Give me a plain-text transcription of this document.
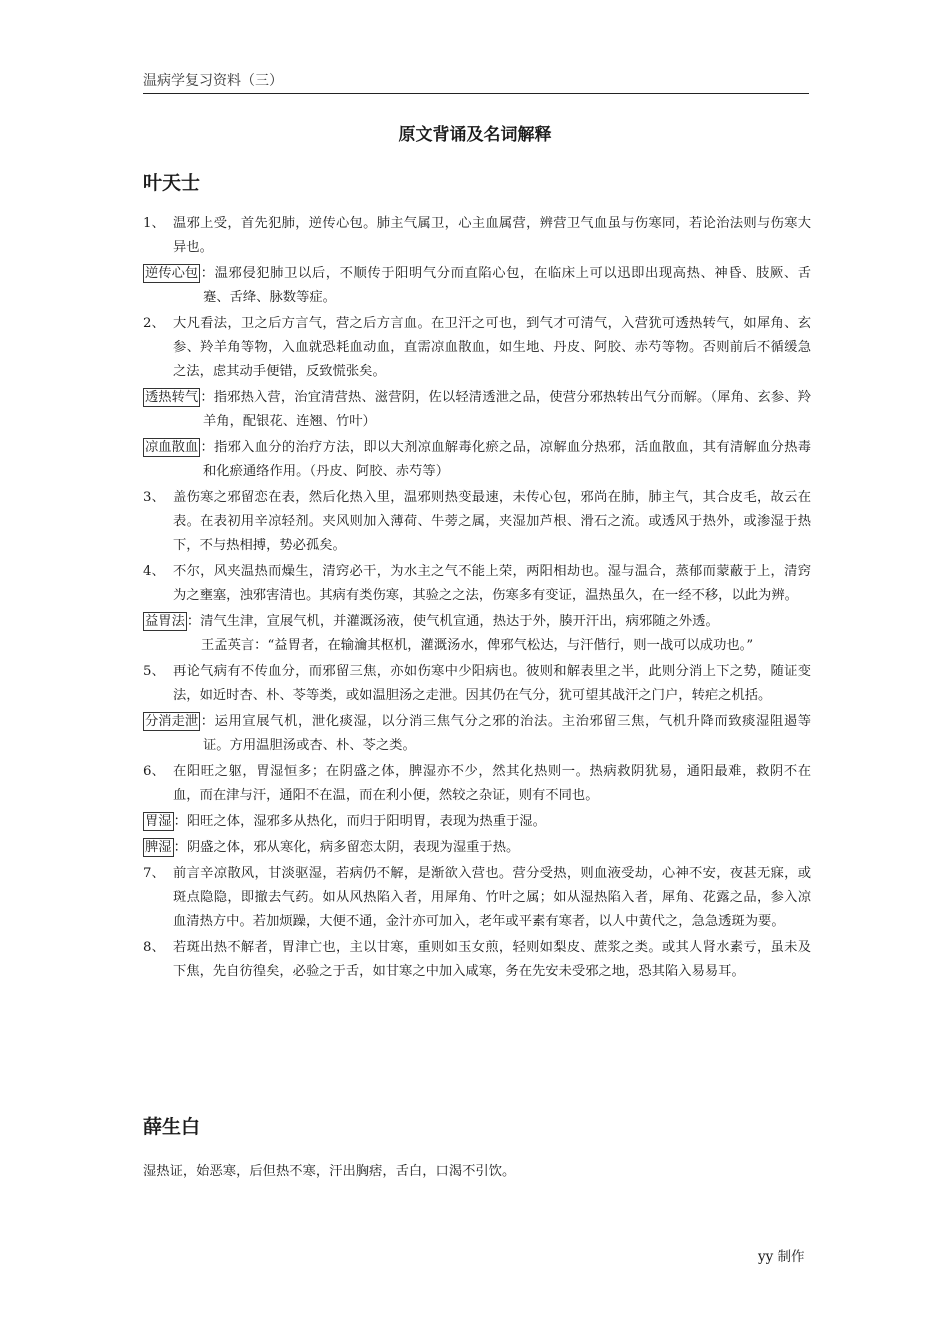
温病学复习资料（三）
原文背诵及名词解释
叶天士
1、 温邪上受，首先犯肺，逆传心包。肺主气属卫，心主血属营，辨营卫气血虽与伤寒同，若论治法则与伤寒大异也。
逆传心包 ：温邪侵犯肺卫以后，不顺传于阳明气分而直陷心包，在临床上可以迅即出现高热、神昏、肢厥、舌蹇、舌绛、脉数等症。
2、 大凡看法，卫之后方言气，营之后方言血。在卫汗之可也，到气才可清气，入营犹可透热转气，如犀角、玄参、羚羊角等物，入血就恐耗血动血，直需凉血散血，如生地、丹皮、阿胶、赤芍等物。否则前后不循缓急之法，虑其动手便错，反致慌张矣。
透热转气 ：指邪热入营，治宜清营热、滋营阴，佐以轻清透泄之品，使营分邪热转出气分而解。（犀角、玄参、羚羊角，配银花、连翘、竹叶）
凉血散血 ：指邪入血分的治疗方法，即以大剂凉血解毒化瘀之品，凉解血分热邪，活血散血，其有清解血分热毒和化瘀通络作用。（丹皮、阿胶、赤芍等）
3、 盖伤寒之邪留恋在表，然后化热入里，温邪则热变最速，未传心包，邪尚在肺，肺主气，其合皮毛，故云在表。在表初用辛凉轻剂。夹风则加入薄荷、牛蒡之属，夹湿加芦根、滑石之流。或透风于热外，或渗湿于热下，不与热相搏，势必孤矣。
4、 不尔，风夹温热而燥生，清窍必干，为水主之气不能上荣，两阳相劫也。湿与温合，蒸郁而蒙蔽于上，清窍为之壅塞，浊邪害清也。其病有类伤寒，其验之之法，伤寒多有变证，温热虽久，在一经不移，以此为辨。
益胃法 ：清气生津，宣展气机，并灌溉汤液，使气机宣通，热达于外，腠开汗出，病邪随之外透。
王孟英言：“益胃者，在输瀹其枢机，灌溉汤水，俾邪气松达，与汗偕行，则一战可以成功也。”
5、 再论气病有不传血分，而邪留三焦，亦如伤寒中少阳病也。彼则和解表里之半，此则分消上下之势，随证变法，如近时杏、朴、苓等类，或如温胆汤之走泄。因其仍在气分，犹可望其战汗之门户，转疟之机括。
分消走泄 ：运用宣展气机，泄化痰湿，以分消三焦气分之邪的治法。主治邪留三焦，气机升降而致痰湿阻遏等证。方用温胆汤或杏、朴、苓之类。
6、 在阳旺之躯，胃湿恒多；在阴盛之体，脾湿亦不少，然其化热则一。热病救阴犹易，通阳最难，救阴不在血，而在津与汗，通阳不在温，而在利小便，然较之杂证，则有不同也。
胃湿 ：阳旺之体，湿邪多从热化，而归于阳明胃，表现为热重于湿。
脾湿 ：阴盛之体，邪从寒化，病多留恋太阴，表现为湿重于热。
7、 前言辛凉散风，甘淡驱湿，若病仍不解，是渐欲入营也。营分受热，则血液受劫，心神不安，夜甚无寐，或斑点隐隐，即撤去气药。如从风热陷入者，用犀角、竹叶之属；如从湿热陷入者，犀角、花露之品，参入凉血清热方中。若加烦躁，大便不通，金汁亦可加入，老年或平素有寒者，以人中黄代之，急急透斑为要。
8、 若斑出热不解者，胃津亡也，主以甘寒，重则如玉女煎，轻则如梨皮、蔗浆之类。或其人肾水素亏，虽未及下焦，先自彷徨矣，必验之于舌，如甘寒之中加入咸寒，务在先安未受邪之地，恐其陷入易易耳。
薛生白
湿热证，始恶寒，后但热不寒，汗出胸痞，舌白，口渴不引饮。
yy 制作
